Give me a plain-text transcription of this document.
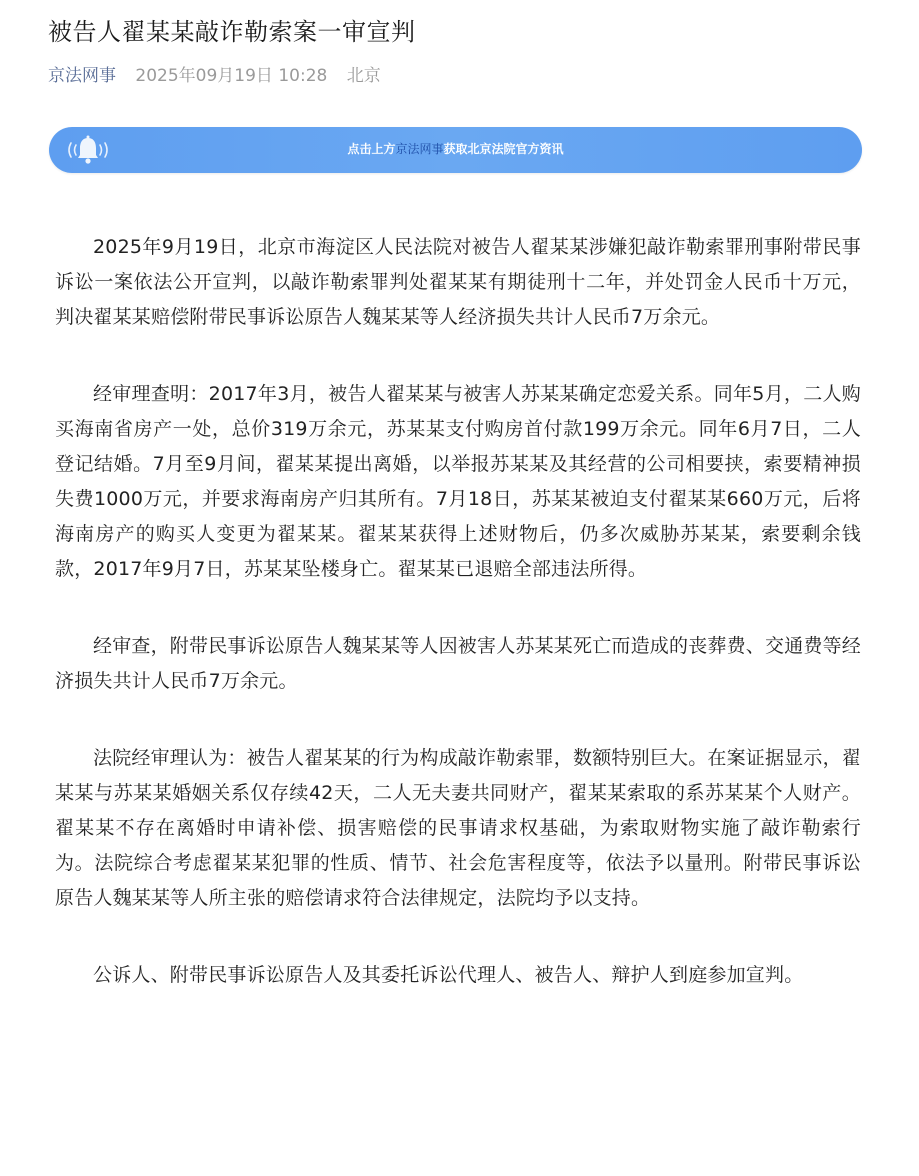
被告人翟某某敲诈勒索案一审宣判
京法网事 2025年09月19日 10:28 北京
点击上方京法网事获取北京法院官方资讯

2025年9月19日，北京市海淀区人民法院对被告人翟某某涉嫌犯敲诈勒索罪刑事附带民事诉讼一案依法公开宣判，以敲诈勒索罪判处翟某某有期徒刑十二年，并处罚金人民币十万元，判决翟某某赔偿附带民事诉讼原告人魏某某等人经济损失共计人民币7万余元。

经审理查明：2017年3月，被告人翟某某与被害人苏某某确定恋爱关系。同年5月，二人购买海南省房产一处，总价319万余元，苏某某支付购房首付款199万余元。同年6月7日，二人登记结婚。7月至9月间，翟某某提出离婚，以举报苏某某及其经营的公司相要挟，索要精神损失费1000万元，并要求海南房产归其所有。7月18日，苏某某被迫支付翟某某660万元，后将海南房产的购买人变更为翟某某。翟某某获得上述财物后，仍多次威胁苏某某，索要剩余钱款，2017年9月7日，苏某某坠楼身亡。翟某某已退赔全部违法所得。

经审查，附带民事诉讼原告人魏某某等人因被害人苏某某死亡而造成的丧葬费、交通费等经济损失共计人民币7万余元。

法院经审理认为：被告人翟某某的行为构成敲诈勒索罪，数额特别巨大。在案证据显示，翟某某与苏某某婚姻关系仅存续42天，二人无夫妻共同财产，翟某某索取的系苏某某个人财产。翟某某不存在离婚时申请补偿、损害赔偿的民事请求权基础，为索取财物实施了敲诈勒索行为。法院综合考虑翟某某犯罪的性质、情节、社会危害程度等，依法予以量刑。附带民事诉讼原告人魏某某等人所主张的赔偿请求符合法律规定，法院均予以支持。

公诉人、附带民事诉讼原告人及其委托诉讼代理人、被告人、辩护人到庭参加宣判。
